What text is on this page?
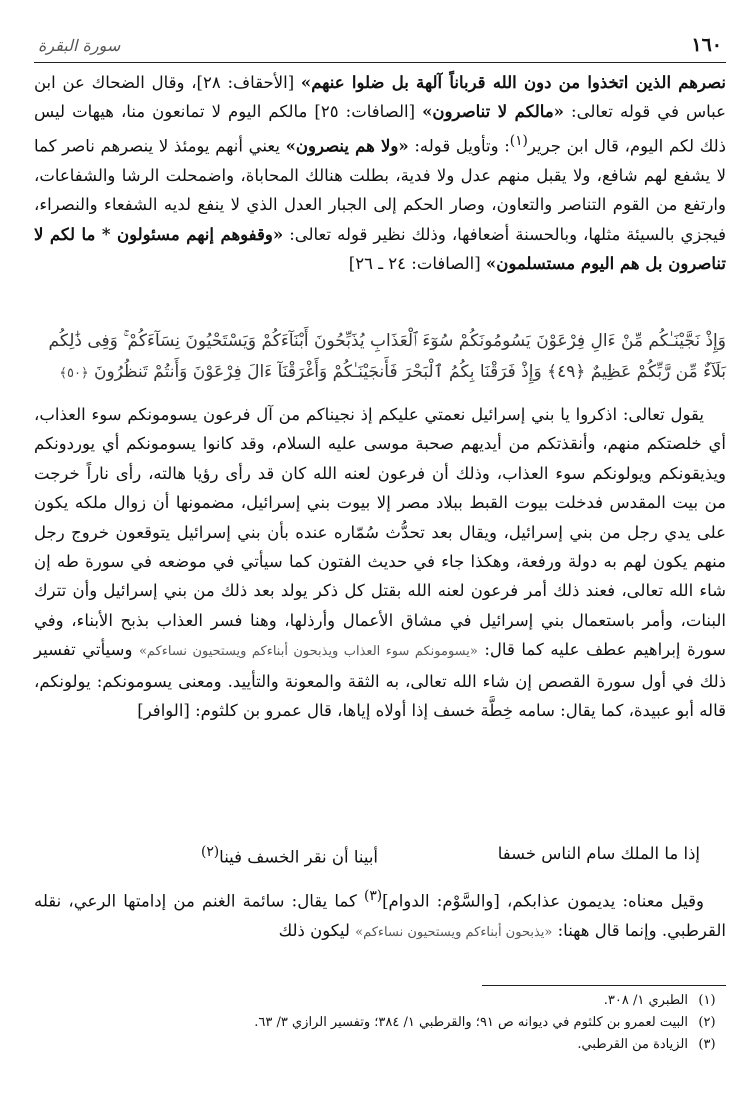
١٦٠
سورة البقرة

نصرهم الذين اتخذوا من دون الله قرباناً آلهة بل ضلوا عنهم» [الأحقاف: ٢٨]، وقال الضحاك عن ابن عباس في قوله تعالى: «مالكم لا تناصرون» [الصافات: ٢٥] مالكم اليوم لا تمانعون منا، هيهات ليس ذلك لكم اليوم، قال ابن جرير$^{(١)}$: وتأويل قوله: «ولا هم ينصرون» يعني أنهم يومئذ لا ينصرهم ناصر كما لا يشفع لهم شافع، ولا يقبل منهم عدل ولا فدية، بطلت هنالك المحاباة، واضمحلت الرشا والشفاعات، وارتفع من القوم التناصر والتعاون، وصار الحكم إلى الجبار العدل الذي لا ينفع لديه الشفعاء والنصراء، فيجزي بالسيئة مثلها، وبالحسنة أضعافها، وذلك نظير قوله تعالى: «وقفوهم إنهم مسئولون * ما لكم لا تناصرون بل هم اليوم مستسلمون» [الصافات: ٢٤ ـ ٢٦]

وَإِذْ نَجَّيْنَـٰكُم مِّنْ ءَالِ فِرْعَوْنَ يَسُومُونَكُمْ سُوٓءَ ٱلْعَذَابِ يُذَبِّحُونَ أَبْنَآءَكُمْ وَيَسْتَحْيُونَ نِسَآءَكُمْ ۚ وَفِى ذَٰلِكُم

بَلَآءٌ مِّن رَّبِّكُمْ عَظِيمٌ ﴿٤٩﴾ وَإِذْ فَرَقْنَا بِكُمُ ٱلْبَحْرَ فَأَنجَيْنَـٰكُمْ وَأَغْرَقْنَآ ءَالَ فِرْعَوْنَ وَأَنتُمْ تَنظُرُونَ ﴿٥٠﴾

يقول تعالى: اذكروا يا بني إسرائيل نعمتي عليكم إذ نجيناكم من آل فرعون يسومونكم سوء العذاب، أي خلصتكم منهم، وأنقذتكم من أيديهم صحبة موسى عليه السلام، وقد كانوا يسومونكم أي يوردونكم ويذيقونكم ويولونكم سوء العذاب، وذلك أن فرعون لعنه الله كان قد رأى رؤيا هالته، رأى ناراً خرجت من بيت المقدس فدخلت بيوت القبط ببلاد مصر إلا بيوت بني إسرائيل، مضمونها أن زوال ملكه يكون على يدي رجل من بني إسرائيل، ويقال بعد تحدُّث سُمّاره عنده بأن بني إسرائيل يتوقعون خروج رجل منهم يكون لهم به دولة ورفعة، وهكذا جاء في حديث الفتون كما سيأتي في موضعه في سورة طه إن شاء الله تعالى، فعند ذلك أمر فرعون لعنه الله بقتل كل ذكر يولد بعد ذلك من بني إسرائيل وأن تترك البنات، وأمر باستعمال بني إسرائيل في مشاق الأعمال وأرذلها، وهنا فسر العذاب بذبح الأبناء، وفي سورة إبراهيم عطف عليه كما قال: «يسومونكم سوء العذاب ويذبحون أبناءكم ويستحيون نساءكم» وسيأتي تفسير ذلك في أول سورة القصص إن شاء الله تعالى، به الثقة والمعونة والتأييد. ومعنى يسومونكم: يولونكم، قاله أبو عبيدة، كما يقال: سامه خِطَّة خسف إذا أولاه إياها، قال عمرو بن كلثوم: [الوافر]

إذا ما الملك سام الناس خسفا
أبينا أن نقر الخسف فينا$^{(٢)}$

وقيل معناه: يديمون عذابكم، [والسَّوْم: الدوام]$^{(٣)}$ كما يقال: سائمة الغنم من إدامتها الرعي، نقله القرطبي. وإنما قال ههنا: «يذبحون أبناءكم ويستحيون نساءكم» ليكون ذلك

(١)
الطبري ١/ ٣٠٨.
(٢)
البيت لعمرو بن كلثوم في ديوانه ص ٩١؛ والقرطبي ١/ ٣٨٤؛ وتفسير الرازي ٣/ ٦٣.
(٣)
الزيادة من القرطبي.
